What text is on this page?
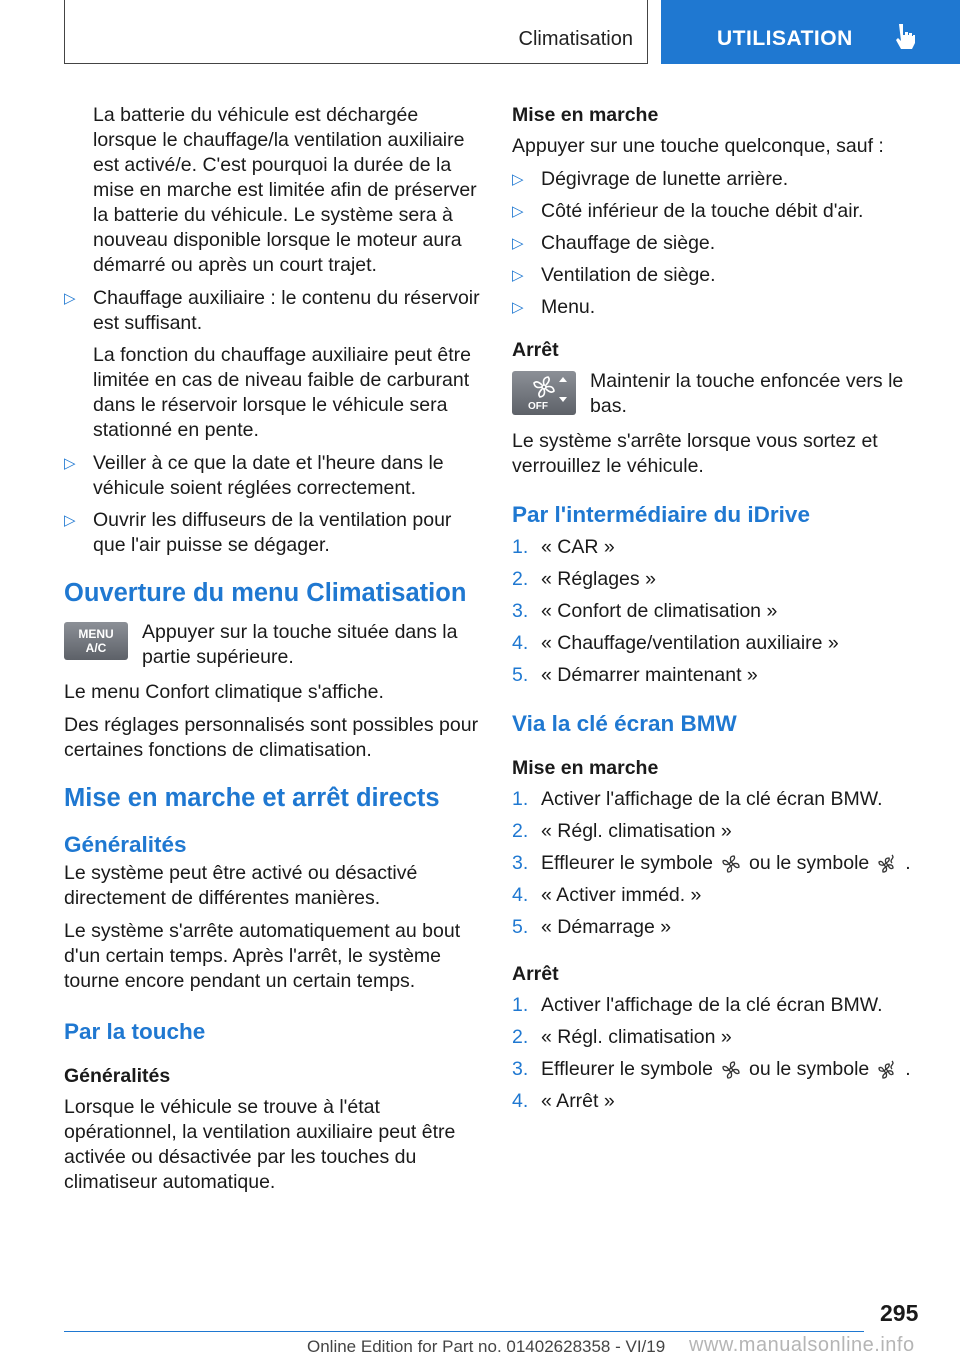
Climatisation	UTILISATION

La batterie du véhicule est déchargée lorsque le chauffage/la ventilation auxiliaire est activé/e. C'est pourquoi la durée de la mise en marche est limitée afin de préserver la batterie du véhicule. Le système sera à nouveau disponible lorsque le moteur aura démarré ou après un court trajet.

▷ Chauffage auxiliaire : le contenu du réservoir est suffisant.

La fonction du chauffage auxiliaire peut être limitée en cas de niveau faible de carburant dans le réservoir lorsque le véhicule sera stationné en pente.

▷ Veiller à ce que la date et l'heure dans le véhicule soient réglées correctement.
▷ Ouvrir les diffuseurs de la ventilation pour que l'air puisse se dégager.
Ouverture du menu Climatisation
MENU
A/C
Appuyer sur la touche située dans la partie supérieure.

Le menu Confort climatique s'affiche.

Des réglages personnalisés sont possibles pour certaines fonctions de climatisation.

Mise en marche et arrêt directs
Généralités

Le système peut être activé ou désactivé directement de différentes manières.

Le système s'arrête automatiquement au bout d'un certain temps. Après l'arrêt, le système tourne encore pendant un certain temps.

Par la touche
Généralités

Lorsque le véhicule se trouve à l'état opérationnel, la ventilation auxiliaire peut être activée ou désactivée par les touches du climatiseur automatique.

Mise en marche

Appuyer sur une touche quelconque, sauf :

▷ Dégivrage de lunette arrière.
▷ Côté inférieur de la touche débit d'air.
▷ Chauffage de siège.
▷ Ventilation de siège.
▷ Menu.
Arrêt
OFF
Maintenir la touche enfoncée vers le bas.

Le système s'arrête lorsque vous sortez et verrouillez le véhicule.

Par l'intermédiaire du iDrive
1. « CAR »
2. « Réglages »
3. « Confort de climatisation »
4. « Chauffage/ventilation auxiliaire »
5. « Démarrer maintenant »
Via la clé écran BMW
Mise en marche
1. Activer l'affichage de la clé écran BMW.
2. « Régl. climatisation »
3. Effleurer le symbole ou le symbole .
4. « Activer imméd. »
5. « Démarrage »
Arrêt
1. Activer l'affichage de la clé écran BMW.
2. « Régl. climatisation »
3. Effleurer le symbole ou le symbole .
4. « Arrêt »
295
Online Edition for Part no. 01402628358 - VI/19 www.manualsonline.info
